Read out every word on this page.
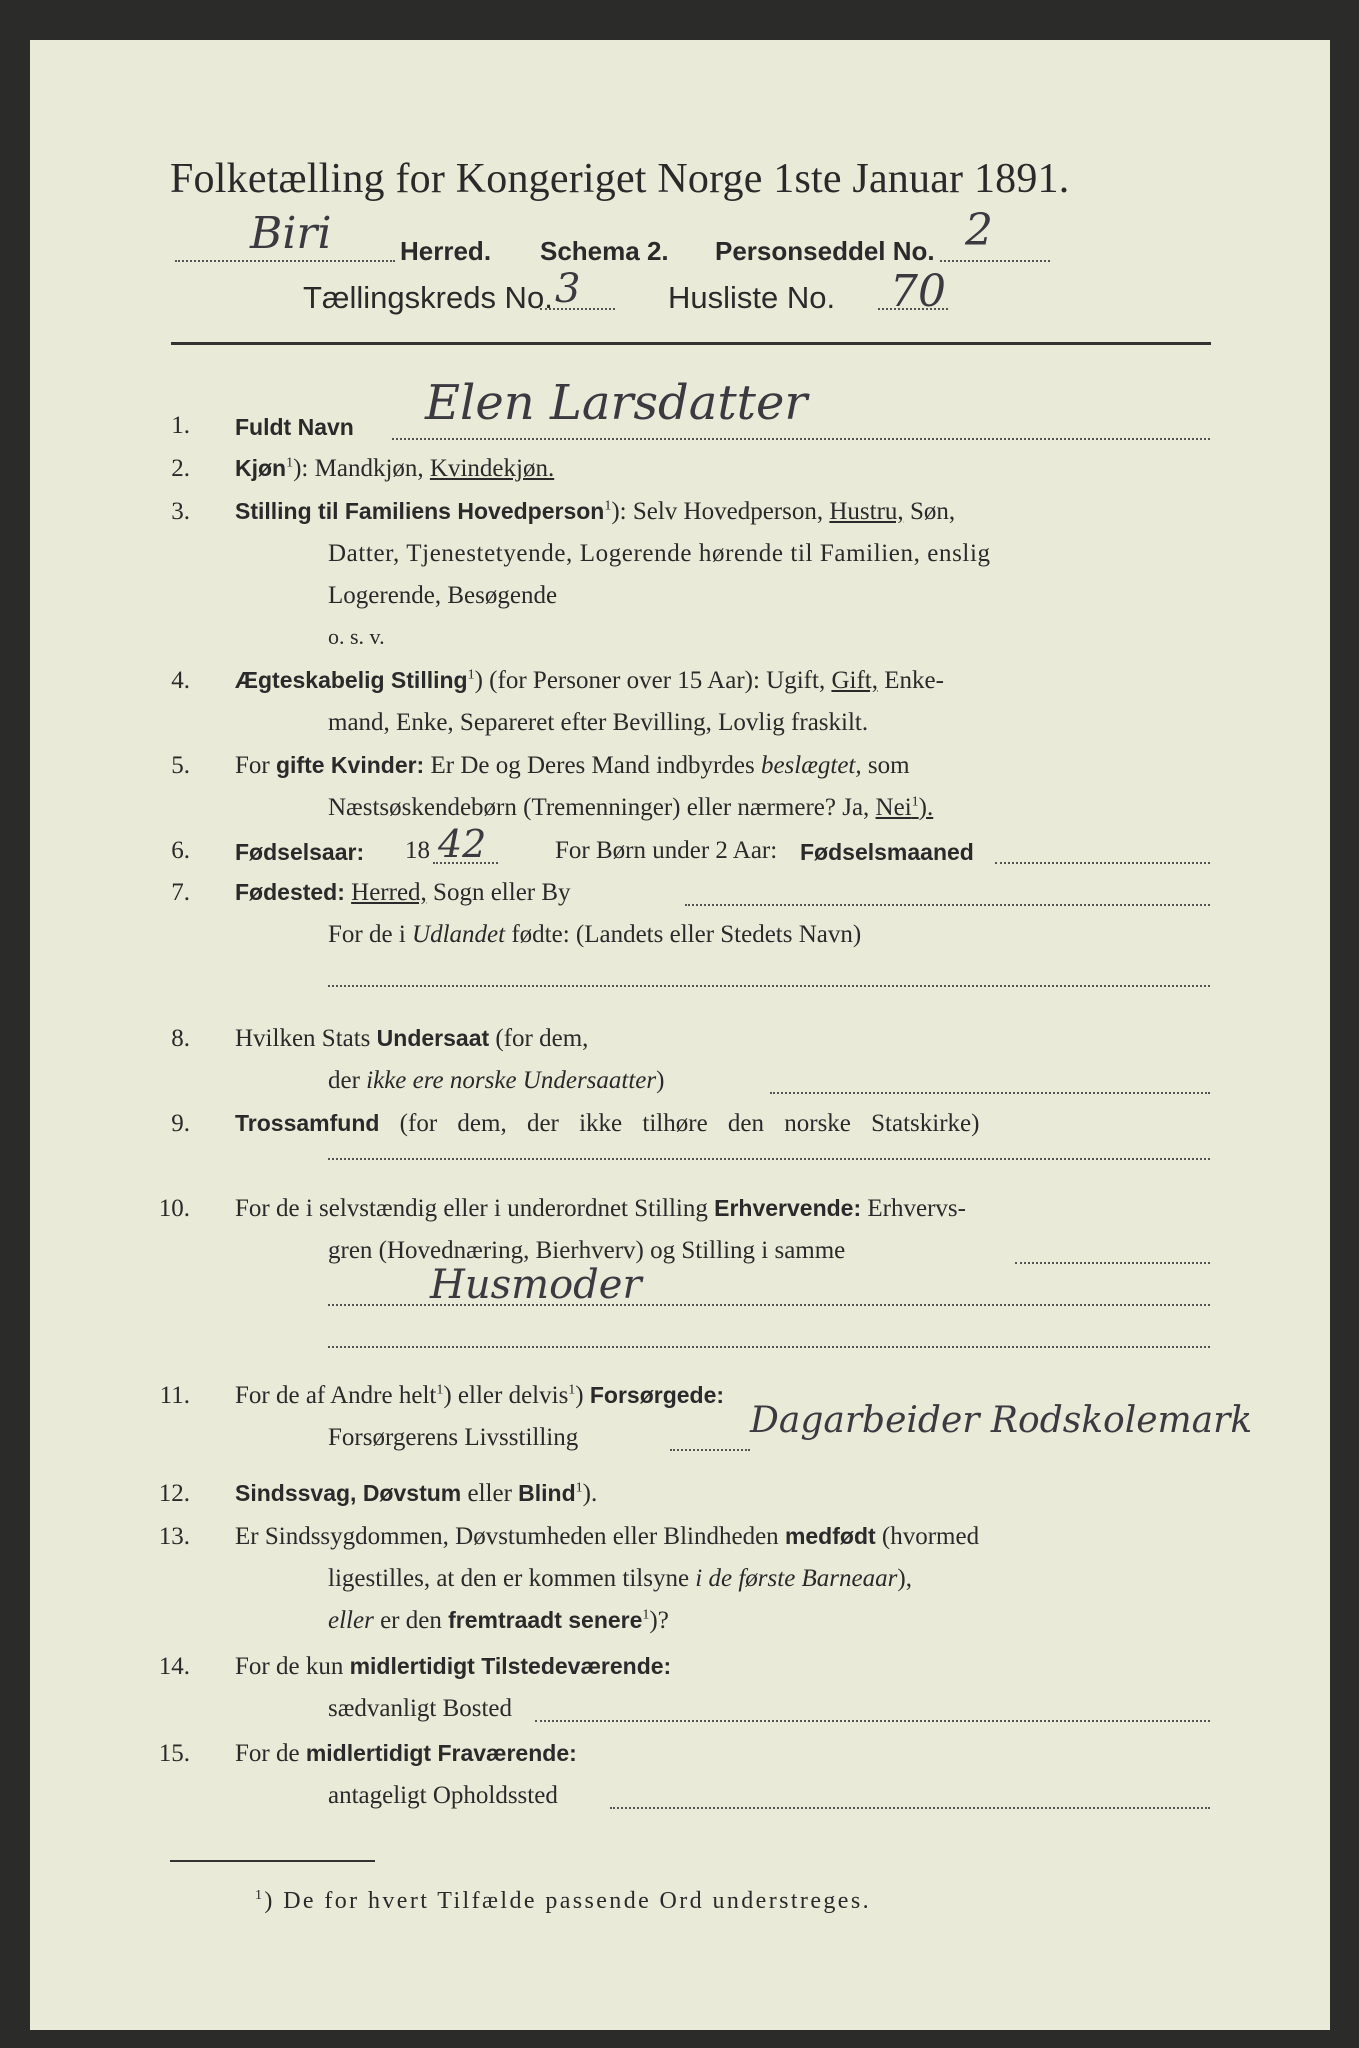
Folketælling for Kongeriget Norge 1ste Januar 1891.
Biri	Herred. Schema 2. Personseddel No. 2
Tællingskreds No. 3	Husliste No. 70
1. Fuldt Navn Elen Larsdatter
2. Kjøn$^1$): Mandkjøn, Kvindekjøn.
3. Stilling til Familiens Hovedperson$^1$): Selv Hovedperson, Hustru, Søn,
Datter, Tjenestetyende, Logerende hørende til Familien, enslig
Logerende, Besøgende
o. s. v.
4. Ægteskabelig Stilling$^1$) (for Personer over 15 Aar): Ugift, Gift, Enke-
mand, Enke, Separeret efter Bevilling, Lovlig fraskilt.
5. For gifte Kvinder: Er De og Deres Mand indbyrdes beslægtet, som
Næstsøskendebørn (Tremenninger) eller nærmere? Ja, Nei$^1$).
6. Fødselsaar: 18 42	For Børn under 2 Aar: Fødselsmaaned
7. Fødested: Herred, Sogn eller By
For de i Udlandet fødte: (Landets eller Stedets Navn)
8. Hvilken Stats Undersaat (for dem,
der ikke ere norske Undersaatter)
9. Trossamfund (for dem, der ikke tilhøre den norske Statskirke)
10. For de i selvstændig eller i underordnet Stilling Erhvervende: Erhvervs-
gren (Hovednæring, Bierhverv) og Stilling i samme
Husmoder
11. For de af Andre helt$^1$) eller delvis$^1$) Forsørgede:
Forsørgerens Livsstilling	Dagarbeider Rodskolemark
12. Sindssvag, Døvstum eller Blind$^1$).
13. Er Sindssygdommen, Døvstumheden eller Blindheden medfødt (hvormed
ligestilles, at den er kommen tilsyne i de første Barneaar),
eller er den fremtraadt senere$^1$)?
14. For de kun midlertidigt Tilstedeværende:
sædvanligt Bosted
15. For de midlertidigt Fraværende:
antageligt Opholdssted
$^1$) De for hvert Tilfælde passende Ord understreges.
